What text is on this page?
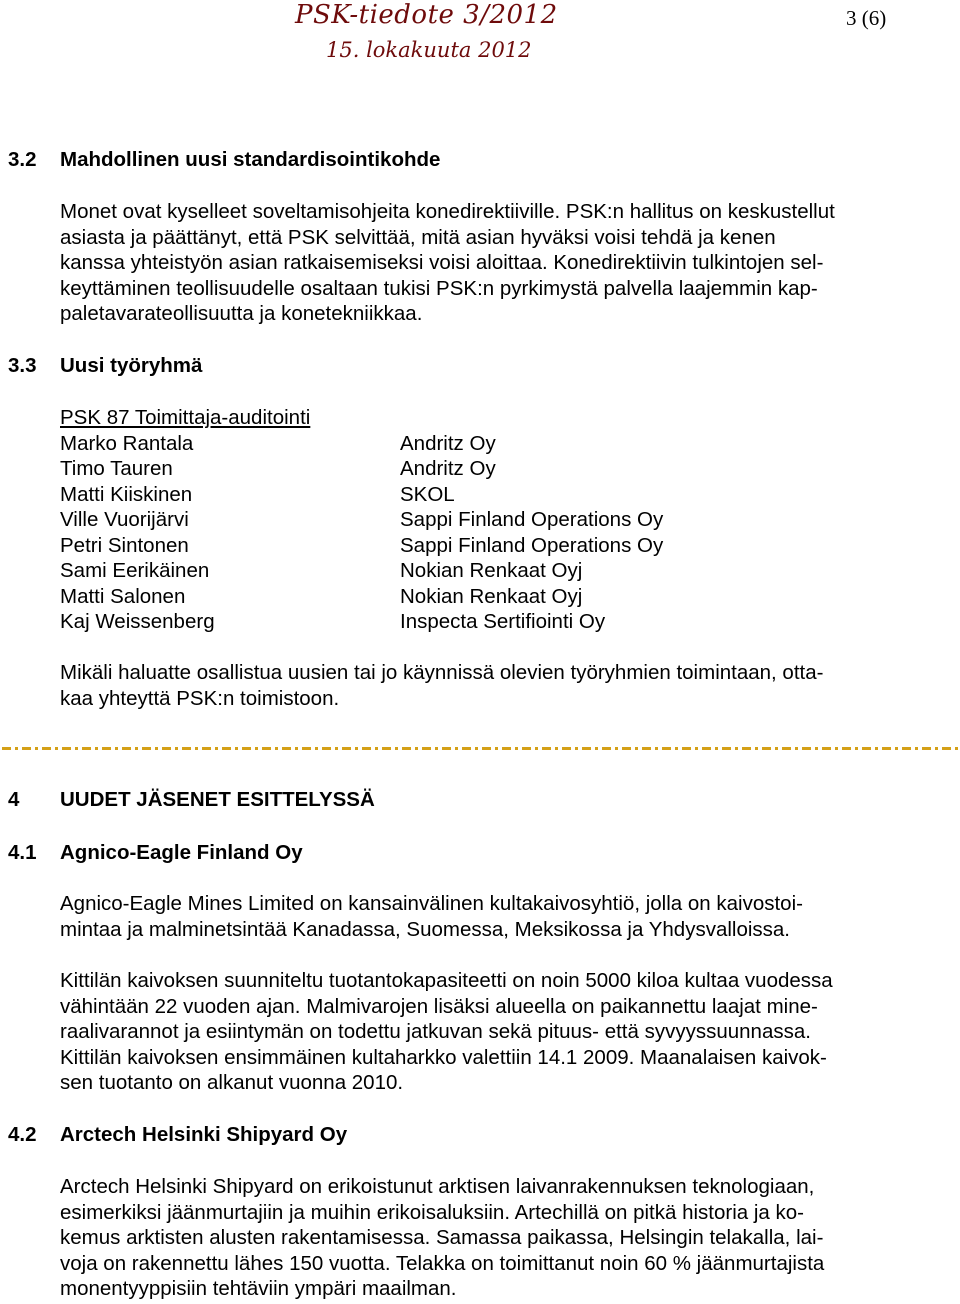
PSK-tiedote 3/2012
15. lokakuuta 2012
3 (6)
3.2 Mahdollinen uusi standardisointikohde
Monet ovat kyselleet soveltamisohjeita konedirektiiville. PSK:n hallitus on keskustellut
asiasta ja päättänyt, että PSK selvittää, mitä asian hyväksi voisi tehdä ja kenen
kanssa yhteistyön asian ratkaisemiseksi voisi aloittaa. Konedirektiivin tulkintojen sel-
keyttäminen teollisuudelle osaltaan tukisi PSK:n pyrkimystä palvella laajemmin kap-
paletavarateollisuutta ja konetekniikkaa.
3.3 Uusi työryhmä
PSK 87 Toimittaja-auditointi
Marko Rantala
Timo Tauren
Matti Kiiskinen
Ville Vuorijärvi
Petri Sintonen
Sami Eerikäinen
Matti Salonen
Kaj Weissenberg
Andritz Oy
Andritz Oy
SKOL
Sappi Finland Operations Oy
Sappi Finland Operations Oy
Nokian Renkaat Oyj
Nokian Renkaat Oyj
Inspecta Sertifiointi Oy
Mikäli haluatte osallistua uusien tai jo käynnissä olevien työryhmien toimintaan, otta-
kaa yhteyttä PSK:n toimistoon.
4 UUDET JÄSENET ESITTELYSSÄ
4.1 Agnico-Eagle Finland Oy
Agnico-Eagle Mines Limited on kansainvälinen kultakaivosyhtiö, jolla on kaivostoi-
mintaa ja malminetsintää Kanadassa, Suomessa, Meksikossa ja Yhdysvalloissa.
Kittilän kaivoksen suunniteltu tuotantokapasiteetti on noin 5000 kiloa kultaa vuodessa
vähintään 22 vuoden ajan. Malmivarojen lisäksi alueella on paikannettu laajat mine-
raalivarannot ja esiintymän on todettu jatkuvan sekä pituus- että syvyyssuunnassa.
Kittilän kaivoksen ensimmäinen kultaharkko valettiin 14.1 2009. Maanalaisen kaivok-
sen tuotanto on alkanut vuonna 2010.
4.2 Arctech Helsinki Shipyard Oy
Arctech Helsinki Shipyard on erikoistunut arktisen laivanrakennuksen teknologiaan,
esimerkiksi jäänmurtajiin ja muihin erikoisaluksiin. Artechillä on pitkä historia ja ko-
kemus arktisten alusten rakentamisessa. Samassa paikassa, Helsingin telakalla, lai-
voja on rakennettu lähes 150 vuotta. Telakka on toimittanut noin 60 % jäänmurtajista
monentyyppisiin tehtäviin ympäri maailman.
